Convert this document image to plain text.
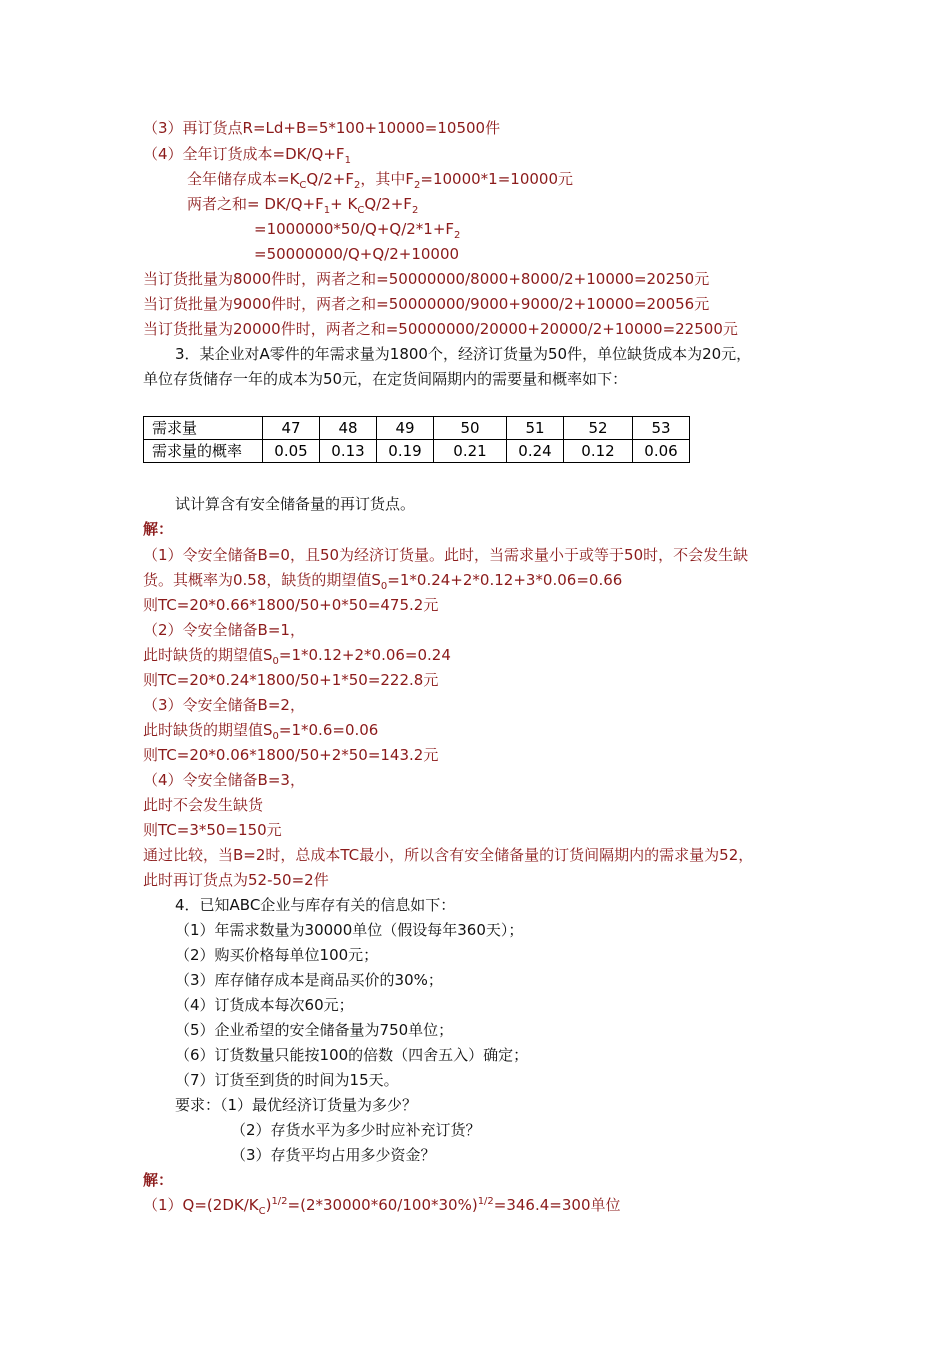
（3）再订货点R=Ld+B=5*100+10000=10500件
（4）全年订货成本$=DK/Q+F_1$
全年储存成本$=K_CQ/2+F_2$，其中$F_2=10000*1=10000$元
两者之和= $DK/Q+F_1+ K_CQ/2+F_2$
$=1000000*50/Q+Q/2*1+F_2$
=50000000/Q+Q/2+10000
当订货批量为8000件时，两者之和=50000000/8000+8000/2+10000=20250元
当订货批量为9000件时，两者之和=50000000/9000+9000/2+10000=20056元
当订货批量为20000件时，两者之和=50000000/20000+20000/2+10000=22500元
3．某企业对A零件的年需求量为1800个，经济订货量为50件，单位缺货成本为20元，
单位存货储存一年的成本为50元，在定货间隔期内的需要量和概率如下：
需求量	47	48	49	50	51	52	53
需求量的概率	0.05	0.13	0.19	0.21	0.24	0.12	0.06
试计算含有安全储备量的再订货点。
解：
（1）令安全储备B=0，且50为经济订货量。此时，当需求量小于或等于50时，不会发生缺
货。其概率为0.58，缺货的期望值$S_0=1*0.24+2*0.12+3*0.06=0.66$
则TC=20*0.66*1800/50+0*50=475.2元
（2）令安全储备B=1，
此时缺货的期望值$S_0=1*0.12+2*0.06=0.24$
则TC=20*0.24*1800/50+1*50=222.8元
（3）令安全储备B=2，
此时缺货的期望值$S_0=1*0.6=0.06$
则TC=20*0.06*1800/50+2*50=143.2元
（4）令安全储备B=3，
此时不会发生缺货
则TC=3*50=150元
通过比较，当B=2时，总成本TC最小，所以含有安全储备量的订货间隔期内的需求量为52，
此时再订货点为52-50=2件
4．已知ABC企业与库存有关的信息如下：
（1）年需求数量为30000单位（假设每年360天）；
（2）购买价格每单位100元；
（3）库存储存成本是商品买价的30%；
（4）订货成本每次60元；
（5）企业希望的安全储备量为750单位；
（6）订货数量只能按100的倍数（四舍五入）确定；
（7）订货至到货的时间为15天。
要求：（1）最优经济订货量为多少？
（2）存货水平为多少时应补充订货？
（3）存货平均占用多少资金？
解：
$(1)Q=(2DK/K_C)^{1/2}=(2*30000*60/100*30\%)^{1/2}=346.4=300$单位
